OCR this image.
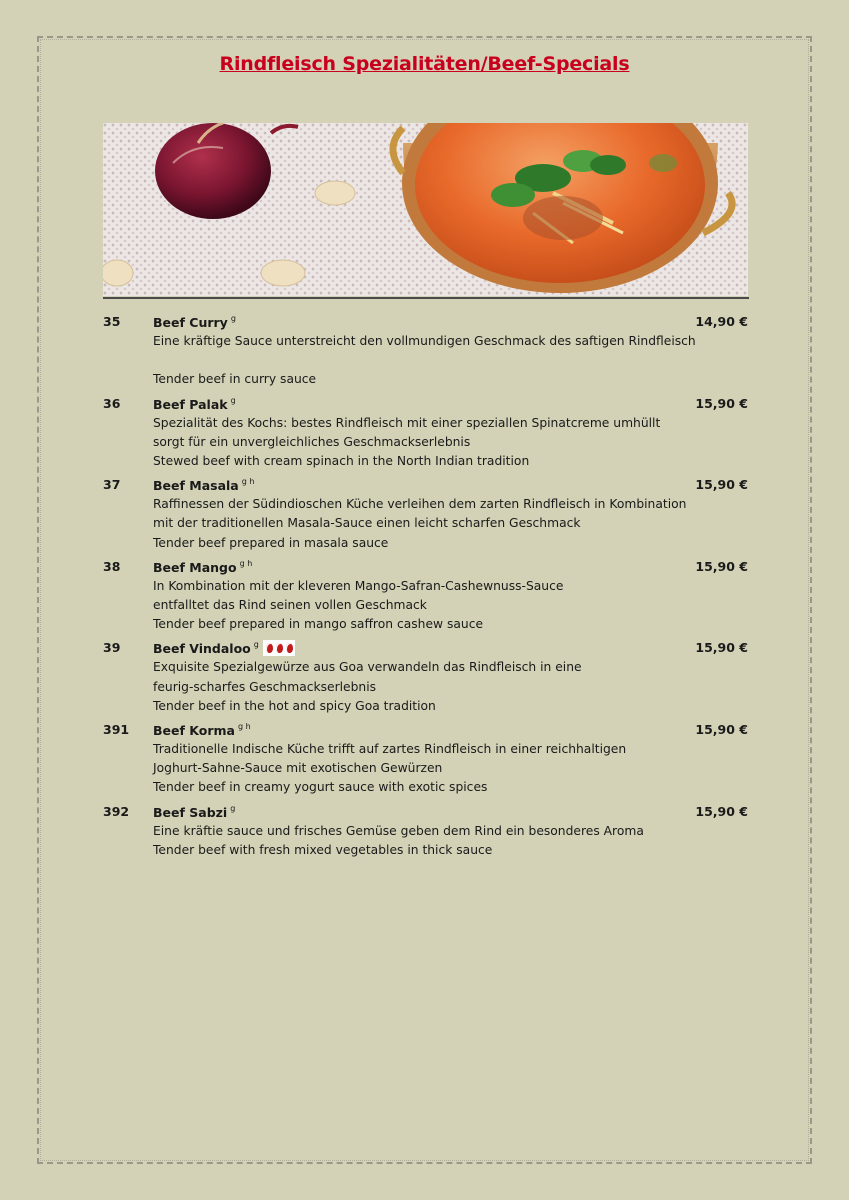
Rindfleisch Spezialitäten/Beef-Specials
35	Beef Curry $^g$	14,90 €
Eine kräftige Sauce unterstreicht den vollmundigen Geschmack des saftigen Rindfleisch
Tender beef in curry sauce
36	Beef Palak $^g$	15,90 €
Spezialität des Kochs: bestes Rindfleisch mit einer speziallen Spinatcreme umhüllt
sorgt für ein unvergleichliches Geschmackserlebnis
Stewed beef with cream spinach in the North Indian tradition
37	Beef Masala $^{g h}$	15,90 €
Raffinessen der Südindioschen Küche verleihen dem zarten Rindfleisch in Kombination
mit der traditionellen Masala-Sauce einen leicht scharfen Geschmack
Tender beef prepared in masala sauce
38	Beef Mango $^{g h}$	15,90 €
In Kombination mit der kleveren Mango-Safran-Cashewnuss-Sauce
entfalltet das Rind seinen vollen Geschmack
Tender beef prepared in mango saffron cashew sauce
39	Beef Vindaloo $^g$	15,90 €
Exquisite Spezialgewürze aus Goa verwandeln das Rindfleisch in eine
feurig-scharfes Geschmackserlebnis
Tender beef in the hot and spicy Goa tradition
391 Beef Korma $^{g h}$	15,90 €
Traditionelle Indische Küche trifft auf zartes Rindfleisch in einer reichhaltigen
Joghurt-Sahne-Sauce mit exotischen Gewürzen
Tender beef in creamy yogurt sauce with exotic spices
392 Beef Sabzi $^g$	15,90 €
Eine kräftie sauce und frisches Gemüse geben dem Rind ein besonderes Aroma
Tender beef with fresh mixed vegetables in thick sauce
